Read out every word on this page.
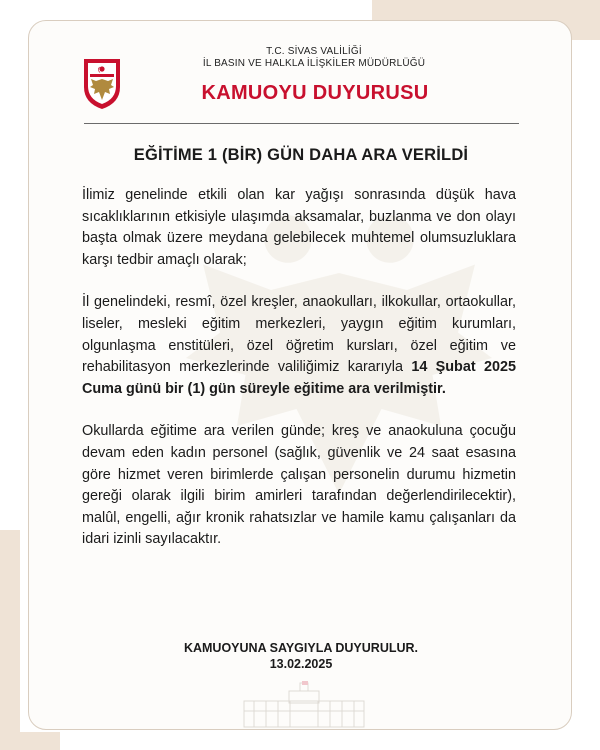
T.C. SİVAS VALİLİĞİ
İL BASIN VE HALKLA İLİŞKİLER MÜDÜRLÜĞÜ
KAMUOYU DUYURUSU
EĞİTİME 1 (BİR) GÜN DAHA ARA VERİLDİ

İlimiz genelinde etkili olan kar yağışı sonrasında düşük hava sıcaklıklarının etkisiyle ulaşımda aksamalar, buzlanma ve don olayı başta olmak üzere meydana gelebilecek muhtemel olumsuzluklara karşı tedbir amaçlı olarak;

İl genelindeki, resmî, özel kreşler, anaokulları, ilkokullar, ortaokullar, liseler, mesleki eğitim merkezleri, yaygın eğitim kurumları, olgunlaşma enstitüleri, özel öğretim kursları, özel eğitim ve rehabilitasyon merkezlerinde valiliğimiz kararıyla 14 Şubat 2025 Cuma günü bir (1) gün süreyle eğitime ara verilmiştir.

Okullarda eğitime ara verilen günde; kreş ve anaokuluna çocuğu devam eden kadın personel (sağlık, güvenlik ve 24 saat esasına göre hizmet veren birimlerde çalışan personelin durumu hizmetin gereği olarak ilgili birim amirleri tarafından değerlendirilecektir), malûl, engelli, ağır kronik rahatsızlar ve hamile kamu çalışanları da idari izinli sayılacaktır.

KAMUOYUNA SAYGIYLA DUYURULUR.
13.02.2025
